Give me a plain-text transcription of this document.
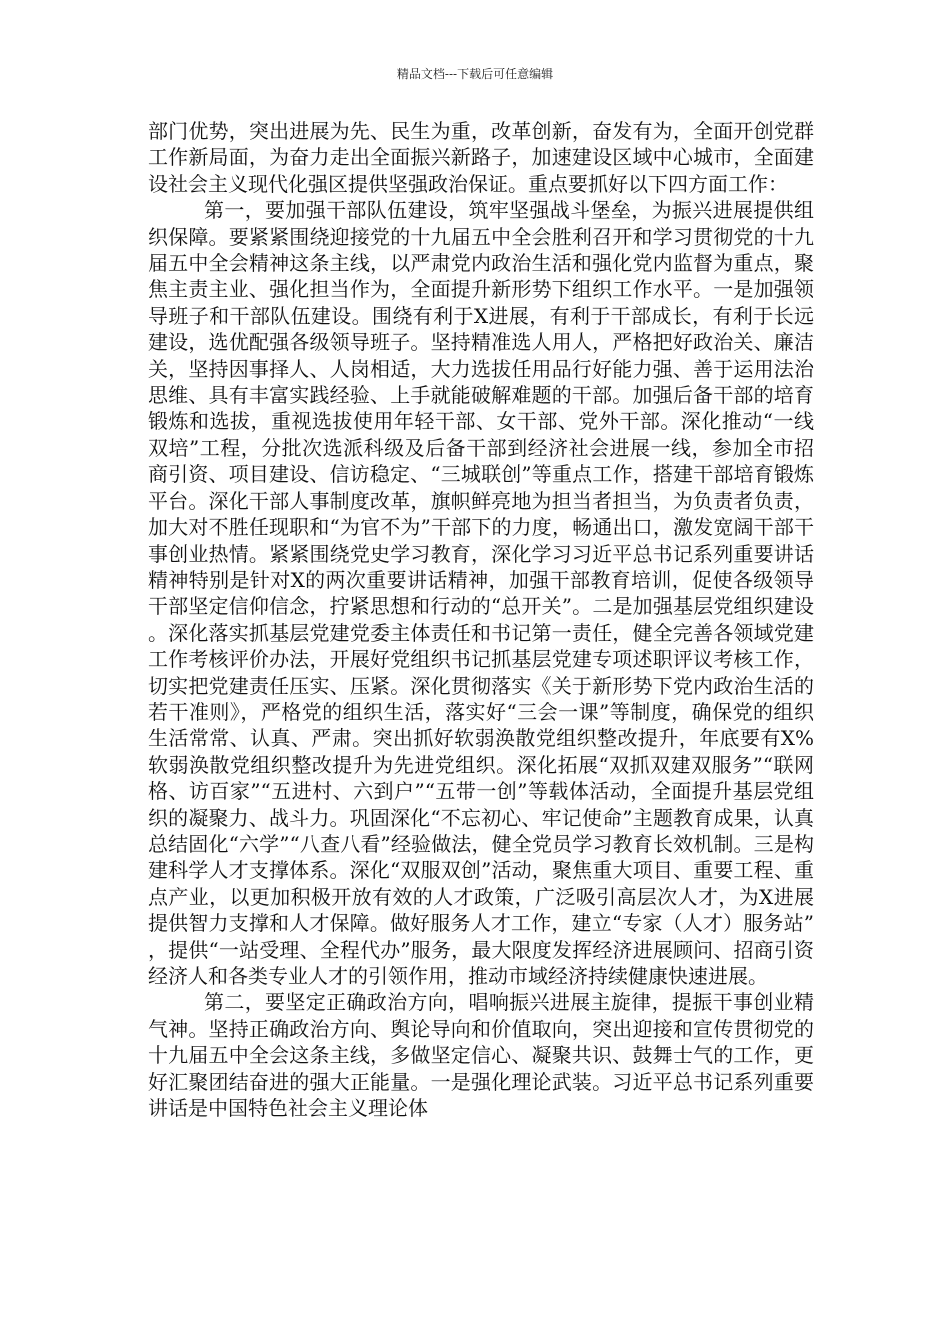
精品文档---下载后可任意编辑

部门优势，突出进展为先、民生为重，改革创新，奋发有为，全面开创党群工作新局面，为奋力走出全面振兴新路子，加速建设区域中心城市，全面建设社会主义现代化强区提供坚强政治保证。重点要抓好以下四方面工作：

第一，要加强干部队伍建设，筑牢坚强战斗堡垒，为振兴进展提供组织保障。要紧紧围绕迎接党的十九届五中全会胜利召开和学习贯彻党的十九届五中全会精神这条主线，以严肃党内政治生活和强化党内监督为重点，聚焦主责主业、强化担当作为，全面提升新形势下组织工作水平。一是加强领导班子和干部队伍建设。围绕有利于X进展，有利于干部成长，有利于长远建设，选优配强各级领导班子。坚持精准选人用人，严格把好政治关、廉洁关，坚持因事择人、人岗相适，大力选拔任用品行好能力强、善于运用法治思维、具有丰富实践经验、上手就能破解难题的干部。加强后备干部的培育锻炼和选拔，重视选拔使用年轻干部、女干部、党外干部。深化推动“一线双培”工程，分批次选派科级及后备干部到经济社会进展一线，参加全市招商引资、项目建设、信访稳定、“三城联创”等重点工作，搭建干部培育锻炼平台。深化干部人事制度改革，旗帜鲜亮地为担当者担当，为负责者负责，加大对不胜任现职和“为官不为”干部下的力度，畅通出口，激发宽阔干部干事创业热情。紧紧围绕党史学习教育，深化学习习近平总书记系列重要讲话精神特别是针对X的两次重要讲话精神，加强干部教育培训，促使各级领导干部坚定信仰信念，拧紧思想和行动的“总开关”。二是加强基层党组织建设。深化落实抓基层党建党委主体责任和书记第一责任，健全完善各领域党建工作考核评价办法，开展好党组织书记抓基层党建专项述职评议考核工作，切实把党建责任压实、压紧。深化贯彻落实《关于新形势下党内政治生活的若干准则》，严格党的组织生活，落实好“三会一课”等制度，确保党的组织生活常常、认真、严肃。突出抓好软弱涣散党组织整改提升，年底要有X%软弱涣散党组织整改提升为先进党组织。深化拓展“双抓双建双服务”“联网格、访百家”“五进村、六到户”“五带一创”等载体活动，全面提升基层党组织的凝聚力、战斗力。巩固深化“不忘初心、牢记使命”主题教育成果，认真总结固化“六学”“八查八看”经验做法，健全党员学习教育长效机制。三是构建科学人才支撑体系。深化“双服双创”活动，聚焦重大项目、重要工程、重点产业，以更加积极开放有效的人才政策，广泛吸引高层次人才，为X进展提供智力支撑和人才保障。做好服务人才工作，建立“专家（人才）服务站”，提供“一站受理、全程代办”服务，最大限度发挥经济进展顾问、招商引资经济人和各类专业人才的引领作用，推动市域经济持续健康快速进展。

第二，要坚定正确政治方向，唱响振兴进展主旋律，提振干事创业精气神。坚持正确政治方向、舆论导向和价值取向，突出迎接和宣传贯彻党的十九届五中全会这条主线，多做坚定信心、凝聚共识、鼓舞士气的工作，更好汇聚团结奋进的强大正能量。一是强化理论武装。习近平总书记系列重要讲话是中国特色社会主义理论体
